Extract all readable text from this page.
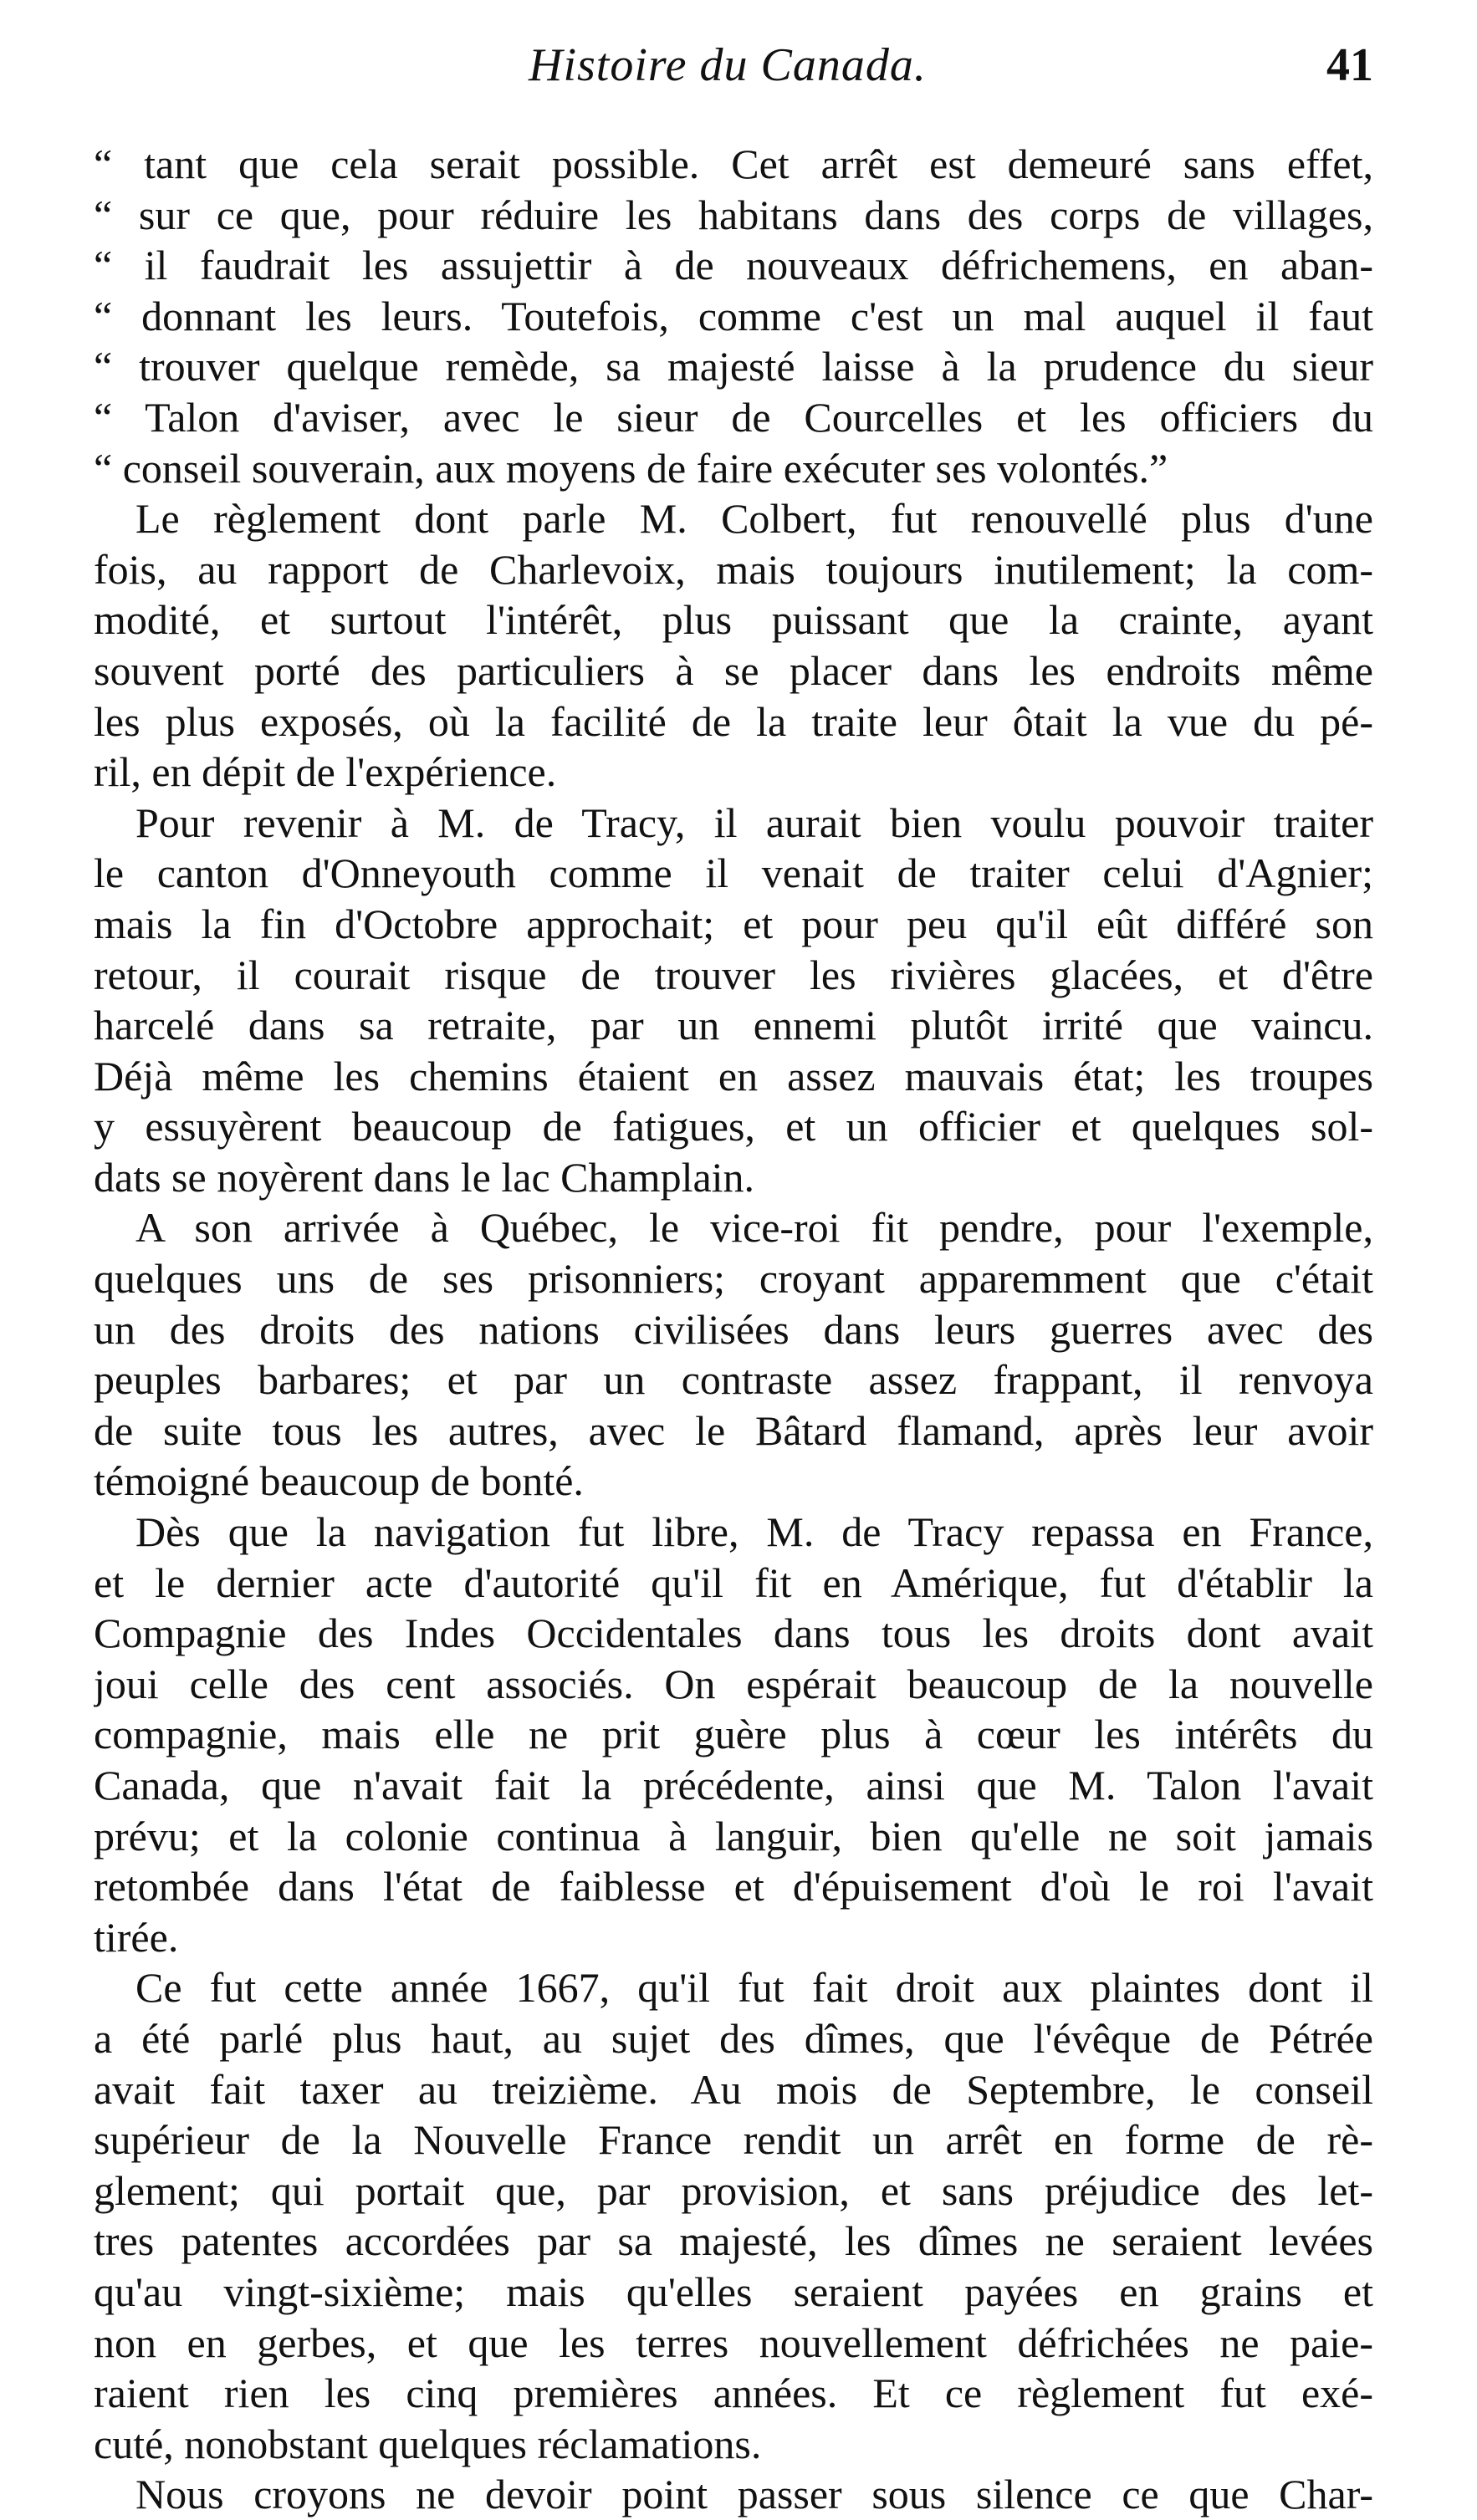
Histoire du Canada.	41
“ tant que cela serait possible. Cet arrêt est demeuré sans effet,
“ sur ce que, pour réduire les habitans dans des corps de villages,
“ il faudrait les assujettir à de nouveaux défrichemens, en aban-
“ donnant les leurs. Toutefois, comme c'est un mal auquel il faut
“ trouver quelque remède, sa majesté laisse à la prudence du sieur
“ Talon d'aviser, avec le sieur de Courcelles et les officiers du
“ conseil souverain, aux moyens de faire exécuter ses volontés.”
Le règlement dont parle M. Colbert, fut renouvellé plus d'une
fois, au rapport de Charlevoix, mais toujours inutilement; la com-
modité, et surtout l'intérêt, plus puissant que la crainte, ayant
souvent porté des particuliers à se placer dans les endroits même
les plus exposés, où la facilité de la traite leur ôtait la vue du pé-
ril, en dépit de l'expérience.
Pour revenir à M. de Tracy, il aurait bien voulu pouvoir traiter
le canton d'Onneyouth comme il venait de traiter celui d'Agnier;
mais la fin d'Octobre approchait; et pour peu qu'il eût différé son
retour, il courait risque de trouver les rivières glacées, et d'être
harcelé dans sa retraite, par un ennemi plutôt irrité que vaincu.
Déjà même les chemins étaient en assez mauvais état; les troupes
y essuyèrent beaucoup de fatigues, et un officier et quelques sol-
dats se noyèrent dans le lac Champlain.
A son arrivée à Québec, le vice-roi fit pendre, pour l'exemple,
quelques uns de ses prisonniers; croyant apparemment que c'était
un des droits des nations civilisées dans leurs guerres avec des
peuples barbares; et par un contraste assez frappant, il renvoya
de suite tous les autres, avec le Bâtard flamand, après leur avoir
témoigné beaucoup de bonté.
Dès que la navigation fut libre, M. de Tracy repassa en France,
et le dernier acte d'autorité qu'il fit en Amérique, fut d'établir la
Compagnie des Indes Occidentales dans tous les droits dont avait
joui celle des cent associés. On espérait beaucoup de la nouvelle
compagnie, mais elle ne prit guère plus à cœur les intérêts du
Canada, que n'avait fait la précédente, ainsi que M. Talon l'avait
prévu; et la colonie continua à languir, bien qu'elle ne soit jamais
retombée dans l'état de faiblesse et d'épuisement d'où le roi l'avait
tirée.
Ce fut cette année 1667, qu'il fut fait droit aux plaintes dont il
a été parlé plus haut, au sujet des dîmes, que l'évêque de Pétrée
avait fait taxer au treizième. Au mois de Septembre, le conseil
supérieur de la Nouvelle France rendit un arrêt en forme de rè-
glement; qui portait que, par provision, et sans préjudice des let-
tres patentes accordées par sa majesté, les dîmes ne seraient levées
qu'au vingt-sixième; mais qu'elles seraient payées en grains et
non en gerbes, et que les terres nouvellement défrichées ne paie-
raient rien les cinq premières années. Et ce règlement fut exé-
cuté, nonobstant quelques réclamations.
Nous croyons ne devoir point passer sous silence ce que Char-
